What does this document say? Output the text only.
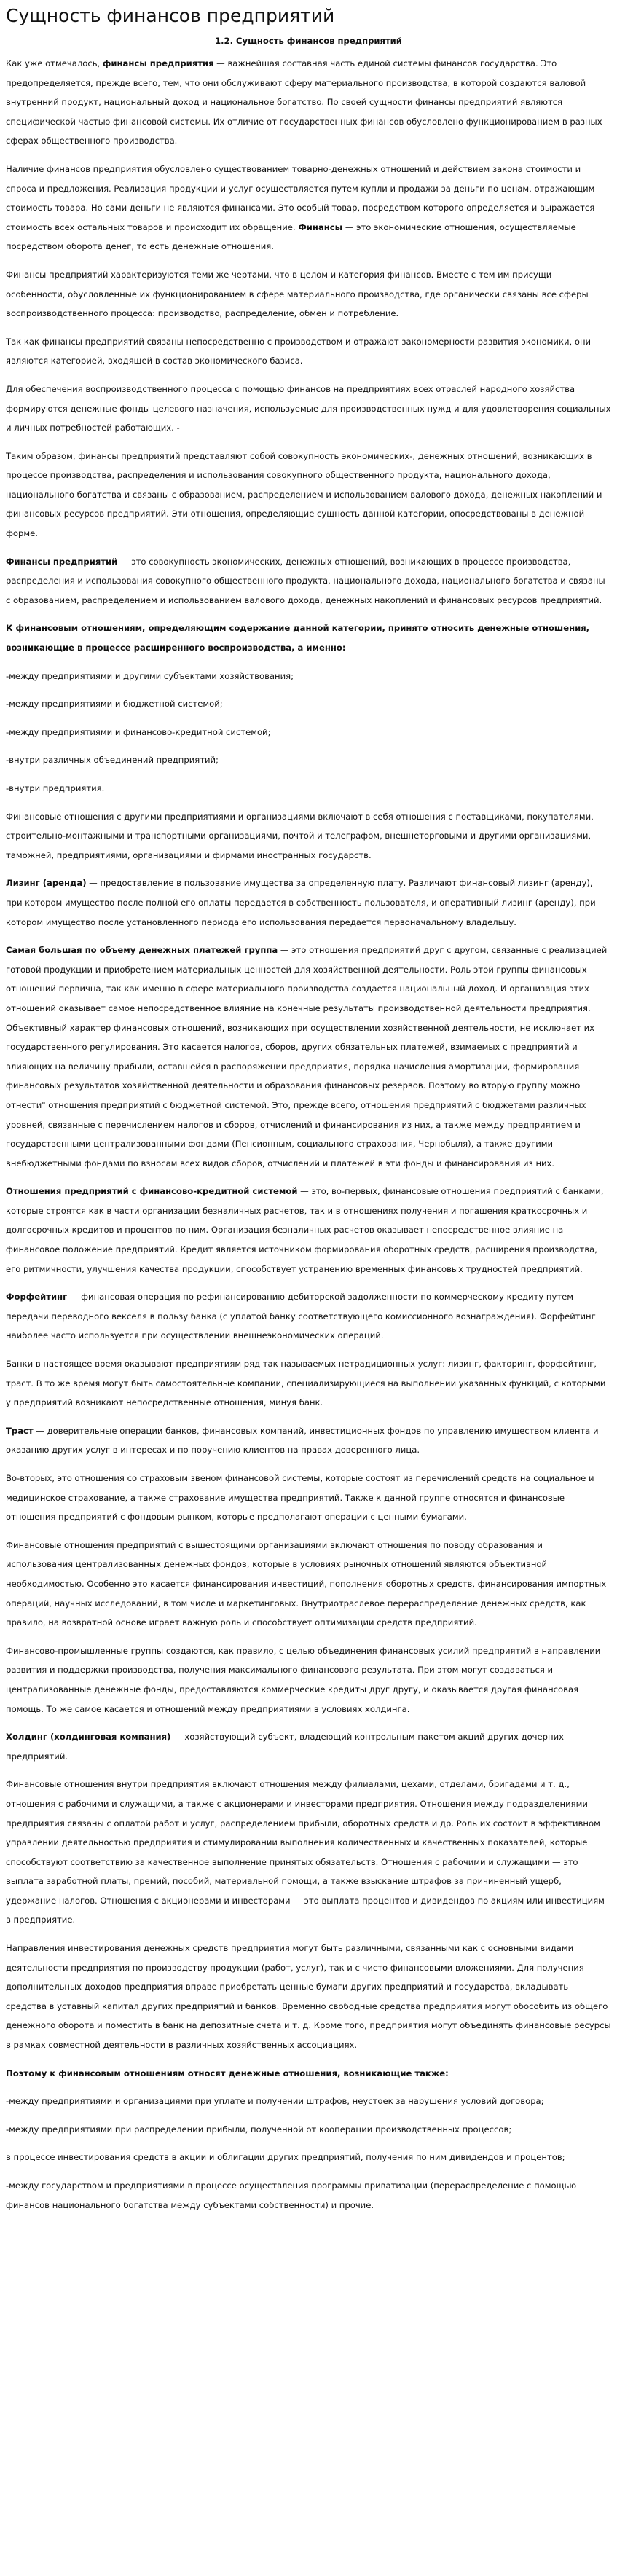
Сущность финансов предприятий
1.2. Сущность финансов предприятий

Как уже отмечалось, финансы предприятия — важнейшая составная часть единой системы финансов государства. Это предопределяется, прежде всего, тем, что они обслуживают сферу материального производства, в которой создаются валовой внутренний продукт, национальный доход и национальное богатство. По своей сущности финансы предприятий являются специфической частью финансовой системы. Их отличие от государственных финансов обусловлено функционированием в разных сферах общественного производства.

Наличие финансов предприятия обусловлено существованием товарно-денежных отношений и действием закона стоимости и спроса и предложения. Реализация продукции и услуг осуществляется путем купли и продажи за деньги по ценам, отражающим стоимость товара. Но сами деньги не являются финансами. Это особый товар, посредством которого определяется и выражается стоимость всех остальных товаров и происходит их обращение. Финансы — это экономические отношения, осуществляемые посредством оборота денег, то есть денежные отношения.

Финансы предприятий характеризуются теми же чертами, что в целом и категория финансов. Вместе с тем им присущи особенности, обусловленные их функционированием в сфере материального производства, где органически связаны все сферы воспроизводственного процесса: производство, распределение, обмен и потребление.

Так как финансы предприятий связаны непосредственно с производством и отражают закономерности развития экономики, они являются категорией, входящей в состав экономического базиса.

Для обеспечения воспроизводственного процесса с помощью финансов на предприятиях всех отраслей народного хозяйства формируются денежные фонды целевого назначения, используемые для производственных нужд и для удовлетворения социальных и личных потребностей работающих. -

Таким образом, финансы предприятий представляют собой совокупность экономических-, денежных отношений, возникающих в процессе производства, распределения и использования совокупного общественного продукта, национального дохода, национального богатства и связаны с образованием, распределением и использованием валового дохода, денежных накоплений и финансовых ресурсов предприятий. Эти отношения, определяющие сущность данной категории, опосредствованы в денежной форме.

Финансы предприятий — это совокупность экономических, денежных отношений, возникающих в процессе производства, распределения и использования совокупного общественного продукта, национального дохода, национального богатства и связаны с образованием, распределением и использованием валового дохода, денежных накоплений и финансовых ресурсов предприятий.

К финансовым отношениям, определяющим содержание данной категории, принято относить денежные отношения, возникающие в процессе расширенного воспроизводства, а именно:

-между предприятиями и другими субъектами хозяйствования;

-между предприятиями и бюджетной системой;

-между предприятиями и финансово-кредитной системой;

-внутри различных объединений предприятий;

-внутри предприятия.

Финансовые отношения с другими предприятиями и организациями включают в себя отношения с поставщиками, покупателями, строительно-монтажными и транспортными организациями, почтой и телеграфом, внешнеторговыми и другими организациями, таможней, предприятиями, организациями и фирмами иностранных государств.

Лизинг (аренда) — предоставление в пользование имущества за определенную плату. Различают финансовый лизинг (аренду), при котором имущество после полной его оплаты передается в собственность пользователя, и оперативный лизинг (аренду), при котором имущество после установленного периода его использования передается первоначальному владельцу.

Самая большая по объему денежных платежей группа — это отношения предприятий друг с другом, связанные с реализацией готовой продукции и приобретением материальных ценностей для хозяйственной деятельности. Роль этой группы финансовых отношений первична, так как именно в сфере материального производства создается национальный доход. И организация этих отношений оказывает самое непосредственное влияние на конечные результаты производственной деятельности предприятия. Объективный характер финансовых отношений, возникающих при осуществлении хозяйственной деятельности, не исключает их государственного регулирования. Это касается налогов, сборов, других обязательных платежей, взимаемых с предприятий и влияющих на величину прибыли, оставшейся в распоряжении предприятия, порядка начисления амортизации, формирования финансовых результатов хозяйственной деятельности и образования финансовых резервов. Поэтому во вторую группу можно отнести" отношения предприятий с бюджетной системой. Это, прежде всего, отношения предприятий с бюджетами различных уровней, связанные с перечислением налогов и сборов, отчислений и финансирования из них, а также между предприятием и государственными централизованными фондами (Пенсионным, социального страхования, Чернобыля), а также другими внебюджетными фондами по взносам всех видов сборов, отчислений и платежей в эти фонды и финансирования из них.

Отношения предприятий с финансово-кредитной системой — это, во-первых, финансовые отношения предприятий с банками, которые строятся как в части организации безналичных расчетов, так и в отношениях получения и погашения краткосрочных и долгосрочных кредитов и процентов по ним. Организация безналичных расчетов оказывает непосредственное влияние на финансовое положение предприятий. Кредит является источником формирования оборотных средств, расширения производства, его ритмичности, улучшения качества продукции, способствует устранению временных финансовых трудностей предприятий.

Форфейтинг — финансовая операция по рефинансированию дебиторской задолженности по коммерческому кредиту путем передачи переводного векселя в пользу банка (с уплатой банку соответствующего комиссионного вознаграждения). Форфейтинг наиболее часто используется при осуществлении внешнеэкономических операций.

Банки в настоящее время оказывают предприятиям ряд так называемых нетрадиционных услуг: лизинг, факторинг, форфейтинг, траст. В то же время могут быть самостоятельные компании, специализирующиеся на выполнении указанных функций, с которыми у предприятий возникают непосредственные отношения, минуя банк.

Траст — доверительные операции банков, финансовых компаний, инвестиционных фондов по управлению имуществом клиента и оказанию других услуг в интересах и по поручению клиентов на правах доверенного лица.

Во-вторых, это отношения со страховым звеном финансовой системы, которые состоят из перечислений средств на социальное и медицинское страхование, а также страхование имущества предприятий. Также к данной группе относятся и финансовые отношения предприятий с фондовым рынком, которые предполагают операции с ценными бумагами.

Финансовые отношения предприятий с вышестоящими организациями включают отношения по поводу образования и использования централизованных денежных фондов, которые в условиях рыночных отношений являются объективной необходимостью. Особенно это касается финансирования инвестиций, пополнения оборотных средств, финансирования импортных операций, научных исследований, в том числе и маркетинговых. Внутриотраслевое перераспределение денежных средств, как правило, на возвратной основе играет важную роль и способствует оптимизации средств предприятий.

Финансово-промышленные группы создаются, как правило, с целью объединения финансовых усилий предприятий в направлении развития и поддержки производства, получения максимального финансового результата. При этом могут создаваться и централизованные денежные фонды, предоставляются коммерческие кредиты друг другу, и оказывается другая финансовая помощь. То же самое касается и отношений между предприятиями в условиях холдинга.

Холдинг (холдинговая компания) — хозяйствующий субъект, владеющий контрольным пакетом акций других дочерних предприятий.

Финансовые отношения внутри предприятия включают отношения между филиалами, цехами, отделами, бригадами и т. д., отношения с рабочими и служащими, а также с акционерами и инвесторами предприятия. Отношения между подразделениями предприятия связаны с оплатой работ и услуг, распределением прибыли, оборотных средств и др. Роль их состоит в эффективном управлении деятельностью предприятия и стимулировании выполнения количественных и качественных показателей, которые способствуют соответствию за качественное выполнение принятых обязательств. Отношения с рабочими и служащими — это выплата заработной платы, премий, пособий, материальной помощи, а также взыскание штрафов за причиненный ущерб, удержание налогов. Отношения с акционерами и инвесторами — это выплата процентов и дивидендов по акциям или инвестициям в предприятие.

Направления инвестирования денежных средств предприятия могут быть различными, связанными как с основными видами деятельности предприятия по производству продукции (работ, услуг), так и с чисто финансовыми вложениями. Для получения дополнительных доходов предприятия вправе приобретать ценные бумаги других предприятий и государства, вкладывать средства в уставный капитал других предприятий и банков. Временно свободные средства предприятия могут обособить из общего денежного оборота и поместить в банк на депозитные счета и т. д. Кроме того, предприятия могут объединять финансовые ресурсы в рамках совместной деятельности в различных хозяйственных ассоциациях.

Поэтому к финансовым отношениям относят денежные отношения, возникающие также:

-между предприятиями и организациями при уплате и получении штрафов, неустоек за нарушения условий договора;

-между предприятиями при распределении прибыли, полученной от кооперации производственных процессов;

в процессе инвестирования средств в акции и облигации других предприятий, получения по ним дивидендов и процентов;

-между государством и предприятиями в процессе осуществления программы приватизации (перераспределение с помощью финансов национального богатства между субъектами собственности) и прочие.
